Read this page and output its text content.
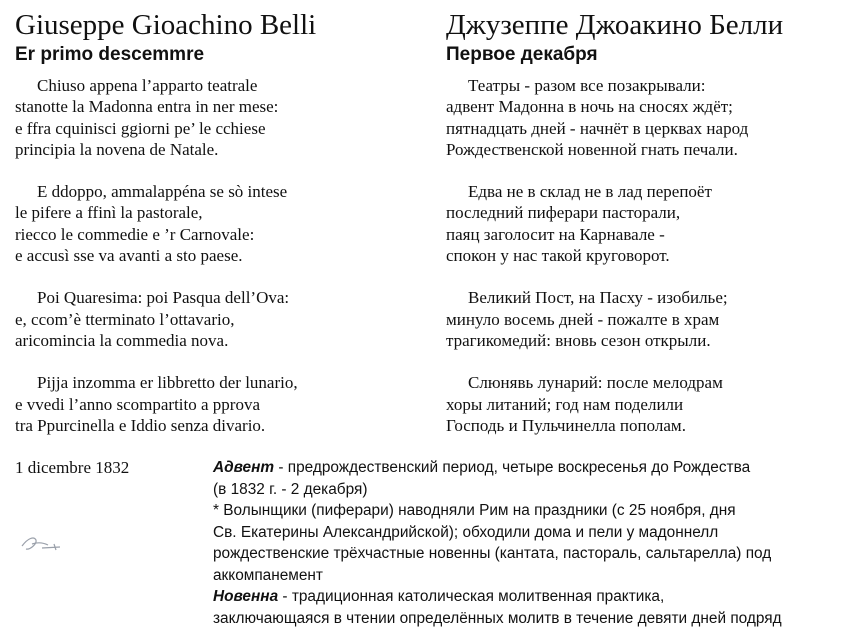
Giuseppe Gioachino Belli
Er primo descemmre
Chiuso appena l’apparto teatrale
stanotte la Madonna entra in ner mese:
e ffra cquinisci ggiorni pe’ le cchiese
principia la novena de Natale.
E ddoppo, ammalappéna se sò intese
le pifere a ffinì la pastorale,
riecco le commedie e ’r Carnovale:
e accusì sse va avanti a sto paese.
Poi Quaresima: poi Pasqua dell’Ova:
e, ccom’è tterminato l’ottavario,
aricomincia la commedia nova.
Pijja inzomma er libbretto der lunario,
e vvedi l’anno scompartito a pprova
tra Ppurcinella e Iddio senza divario.
Джузеппе Джоакино Белли
Первое декабря
Театры - разом все позакрывали:
адвент Мадонна в ночь на сносях ждёт;
пятнадцать дней - начнёт в церквах народ
Рождественской новенной гнать печали.
Едва не в склад не в лад перепоёт
последний пиферари пасторали,
паяц заголосит на Карнавале -
спокон у нас такой круговорот.
Великий Пост, на Пасху - изобилье;
минуло восемь дней - пожалте в храм
трагикомедий: вновь сезон открыли.
Слюнявь лунарий: после мелодрам
хоры литаний; год нам поделили
Господь и Пульчинелла пополам.
1 dicembre 1832	Адвент - предрождественский период, четыре воскресенья до Рождества

(в 1832 г. - 2 декабря)

* Волынщики (пиферари) наводняли Рим на праздники (с 25 ноября, дня

Св. Екатерины Александрийской); обходили дома и пели у мадоннелл

рождественские трёхчастные новенны (кантата, пастораль, сальтарелла) под

аккомпанемент

Новенна - традиционная католическая молитвенная практика,

заключающаяся в чтении определённых молитв в течение девяти дней подряд
